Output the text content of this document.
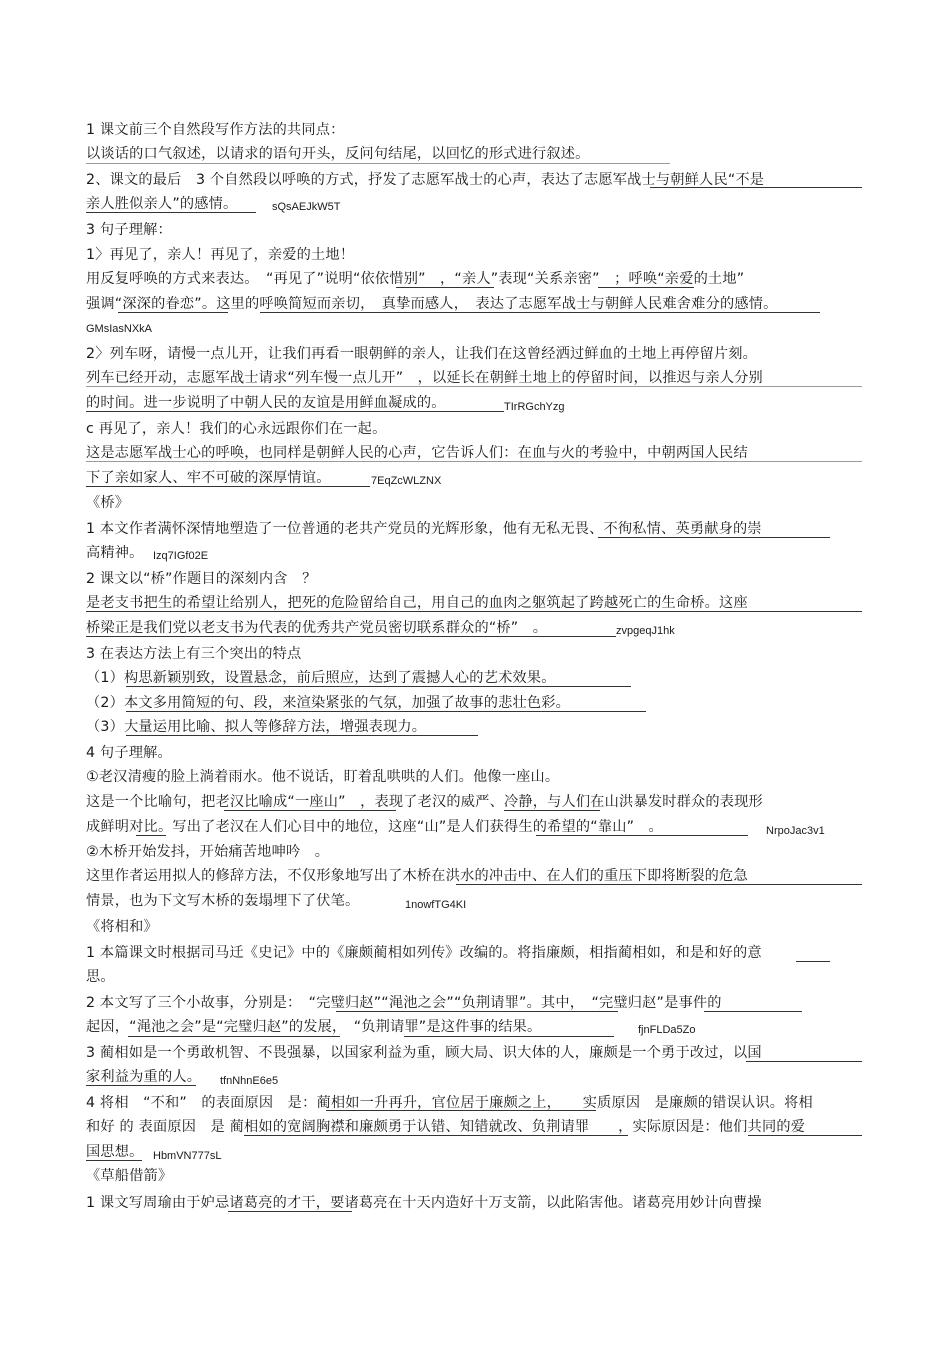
1 课文前三个自然段写作方法的共同点：
以谈话的口气叙述，以请求的语句开头，反问句结尾，以回忆的形式进行叙述。
2、课文的最后　3 个自然段以呼唤的方式，抒发了志愿军战士的心声，表达了志愿军战士与朝鲜人民“不是
亲人胜似亲人”的感情。	sQsAEJkW5T
3 句子理解：
1〉再见了，亲人！再见了，亲爱的土地！
用反复呼唤的方式来表达。　“再见了”说明“依依惜别”　，“亲人”表现“关系亲密”　；呼唤“亲爱的土地”
强调“深深的眷恋”。这里的呼唤简短而亲切，　真挚而感人，　表达了志愿军战士与朝鲜人民难舍难分的感情。
GMsIasNXkA
2〉列车呀，请慢一点儿开，让我们再看一眼朝鲜的亲人，让我们在这曾经洒过鲜血的土地上再停留片刻。
列车已经开动，志愿军战士请求“列车慢一点儿开”　，以延长在朝鲜土地上的停留时间，以推迟与亲人分别
的时间。进一步说明了中朝人民的友谊是用鲜血凝成的。	TIrRGchYzg
c 再见了，亲人！我们的心永远跟你们在一起。
这是志愿军战士心的呼唤，也同样是朝鲜人民的心声，它告诉人们：在血与火的考验中，中朝两国人民结
下了亲如家人、牢不可破的深厚情谊。	7EqZcWLZNX
《桥》
1 本文作者满怀深情地塑造了一位普通的老共产党员的光辉形象，他有无私无畏、不徇私情、英勇献身的崇
高精神。 Izq7IGf02E
2 课文以“桥”作题目的深刻内含　？
是老支书把生的希望让给别人，把死的危险留给自己，用自己的血肉之躯筑起了跨越死亡的生命桥。这座
桥梁正是我们党以老支书为代表的优秀共产党员密切联系群众的“桥”　。	zvpgeqJ1hk
3 在表达方法上有三个突出的特点
（1）构思新颖别致，设置悬念，前后照应，达到了震撼人心的艺术效果。
（2）本文多用简短的句、段，来渲染紧张的气氛，加强了故事的悲壮色彩。
（3）大量运用比喻、拟人等修辞方法，增强表现力。
4 句子理解。
①老汉清瘦的脸上淌着雨水。他不说话，盯着乱哄哄的人们。他像一座山。
这是一个比喻句，把老汉比喻成“一座山”　，表现了老汉的威严、冷静，与人们在山洪暴发时群众的表现形
成鲜明对比。写出了老汉在人们心目中的地位，这座“山”是人们获得生的希望的“靠山”　。	NrpoJac3v1
②木桥开始发抖，开始痛苦地呻吟　。
这里作者运用拟人的修辞方法，不仅形象地写出了木桥在洪水的冲击中、在人们的重压下即将断裂的危急
情景，也为下文写木桥的轰塌埋下了伏笔。	1nowfTG4KI
《将相和》
1 本篇课文时根据司马迁《史记》中的《廉颇蔺相如列传》改编的。将指廉颇，相指蔺相如，和是和好的意
思。
2 本文写了三个小故事，分别是：　“完璧归赵”“渑池之会”“负荆请罪”。其中，　“完璧归赵”是事件的
起因，“渑池之会”是“完璧归赵”的发展，　“负荆请罪”是这件事的结果。	fjnFLDa5Zo
3 蔺相如是一个勇敢机智、不畏强暴，以国家利益为重，顾大局、识大体的人，廉颇是一个勇于改过，以国
家利益为重的人。 tfnNhnE6e5
4 将相　“不和”　的表面原因　是：蔺相如一升再升，官位居于廉颇之上，　　实质原因　是廉颇的错误认识。将相
和好 的 表面原因　是 蔺相如的宽阔胸襟和廉颇勇于认错、知错就改、负荆请罪　　，实际原因是：他们共同的爱
国思想。 HbmVN777sL
《草船借箭》
1 课文写周瑜由于妒忌诸葛亮的才干，要诸葛亮在十天内造好十万支箭，以此陷害他。诸葛亮用妙计向曹操
